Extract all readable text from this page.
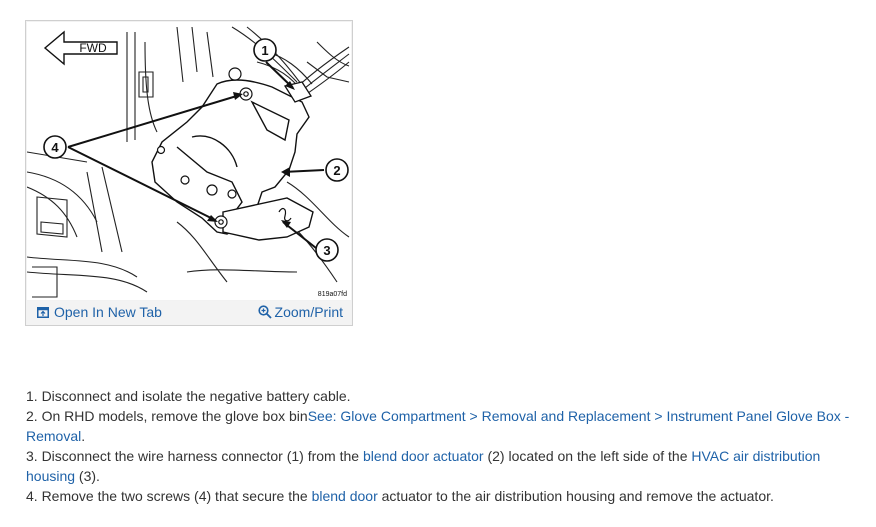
FWD	1
2
3
4
819a07fd
Open In New Tab	Zoom/Print

1. Disconnect and isolate the negative battery cable.

2. On RHD models, remove the glove box binSee: Glove Compartment > Removal and Replacement > Instrument Panel Glove Box - Removal.

3. Disconnect the wire harness connector (1) from the blend door actuator (2) located on the left side of the HVAC air distribution housing (3).

4. Remove the two screws (4) that secure the blend door actuator to the air distribution housing and remove the actuator.
